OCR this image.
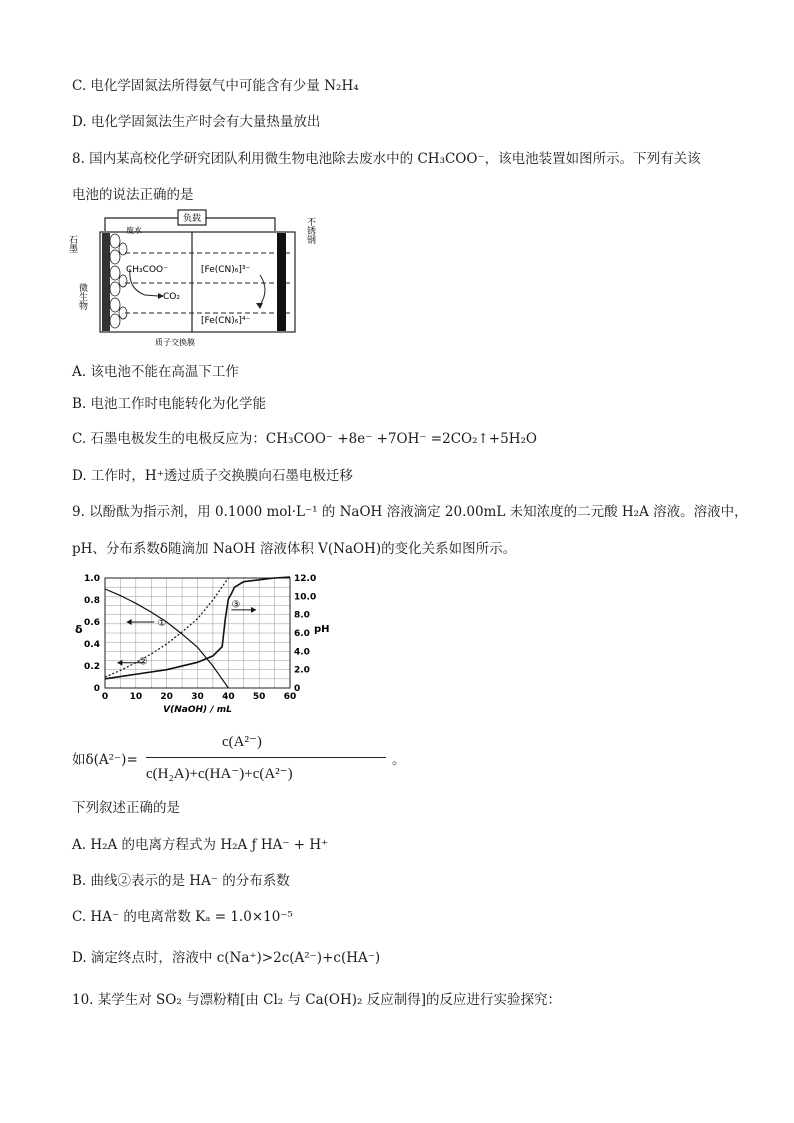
C. 电化学固氮法所得氨气中可能含有少量 N₂H₄
D. 电化学固氮法生产时会有大量热量放出
8. 国内某高校化学研究团队利用微生物电池除去废水中的 CH₃COO⁻，该电池装置如图所示。下列有关该
电池的说法正确的是
负载
废水
CH₃COO⁻
CO₂
[Fe(CN)₆]³⁻
[Fe(CN)₆]⁴⁻
质子交换膜
石墨
微生物
不锈钢
A. 该电池不能在高温下工作
B. 电池工作时电能转化为化学能
C. 石墨电极发生的电极反应为：CH₃COO⁻ +8e⁻ +7OH⁻ =2CO₂↑+5H₂O
D. 工作时，H⁺透过质子交换膜向石墨电极迁移
9. 以酚酞为指示剂，用 0.1000 mol·L⁻¹ 的 NaOH 溶液滴定 20.00mL 未知浓度的二元酸 H₂A 溶液。溶液中，
pH、分布系数δ随滴加 NaOH 溶液体积 V(NaOH)的变化关系如图所示。
0 10 20 30 40 50 60
0
0.2
0.4
0.6
0.8
1.0
0
2.0
4.0
6.0
8.0
10.0
12.0
V(NaOH) / mL
δ	pH
①
②
③
如δ(A²⁻)=
c(A²⁻)
c(H₂A)+c(HA⁻)+c(A²⁻)
。
下列叙述正确的是
A. H₂A 的电离方程式为 H₂A ƒ HA⁻ + H⁺
B. 曲线②表示的是 HA⁻ 的分布系数
C. HA⁻ 的电离常数 Kₐ = 1.0×10⁻⁵
D. 滴定终点时，溶液中 c(Na⁺)>2c(A²⁻)+c(HA⁻)
10. 某学生对 SO₂ 与漂粉精[由 Cl₂ 与 Ca(OH)₂ 反应制得]的反应进行实验探究：
